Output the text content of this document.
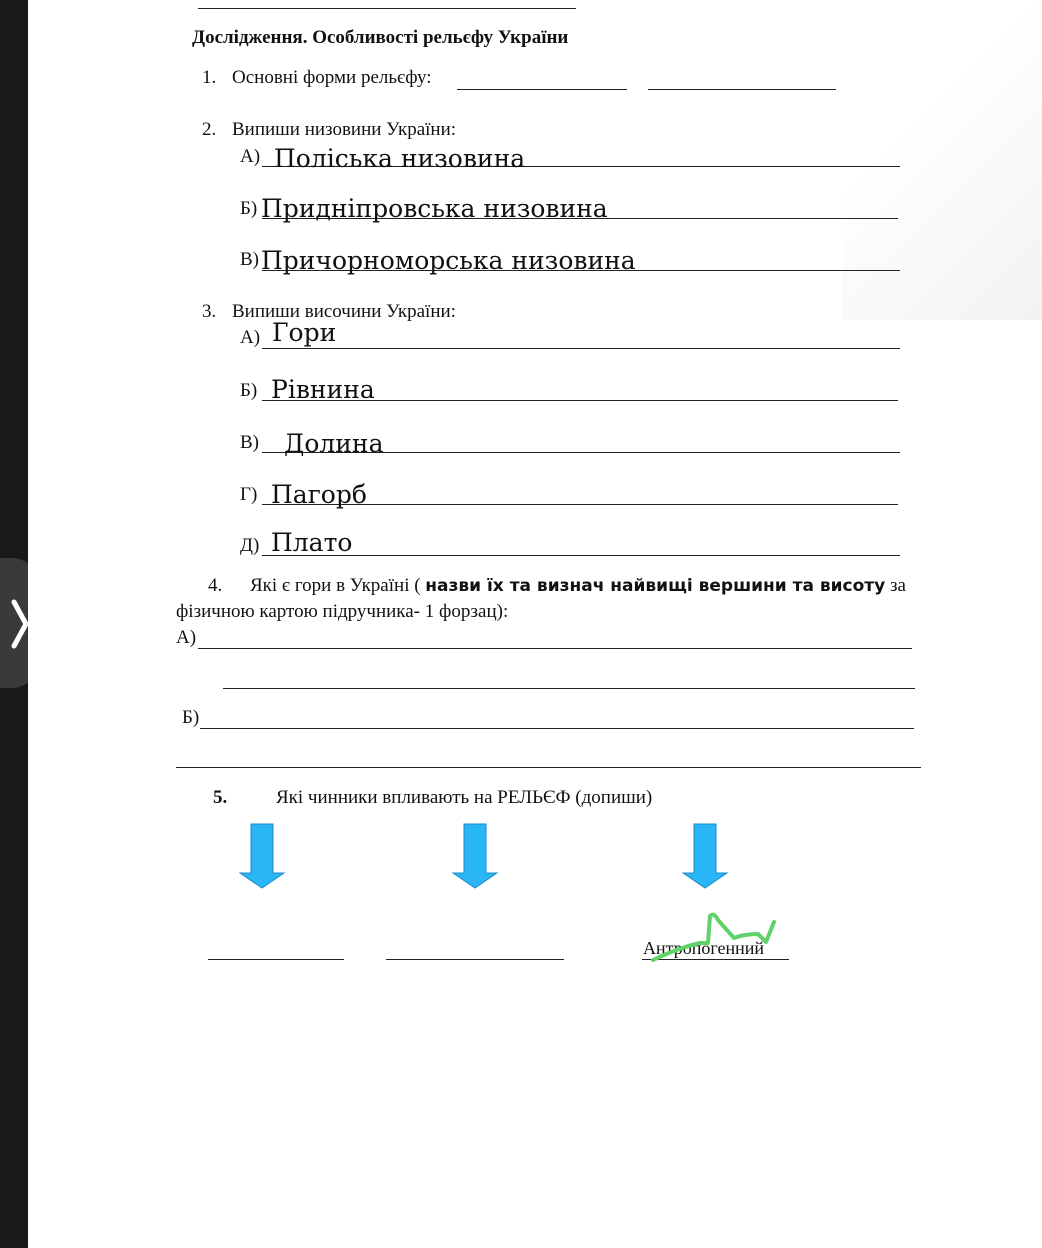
Дослідження. Особливості рельєфу України
1. Основні форми рельєфу:
2. Випиши низовини України:
А) Поліська низовина
Б) Придніпровська низовина
В) Причорноморська низовина
3. Випиши височини України:
А) Гори
Б) Рівнина
В) Долина
Г) Пагорб
Д) Плато
4. Які є гори в Україні ( назви їх та визнач найвищі вершини та висоту за
фізичною картою підручника- 1 форзац):
А)
Б)
5.	Які чинники впливають на РЕЛЬЄФ (допиши)
Антропогенний
